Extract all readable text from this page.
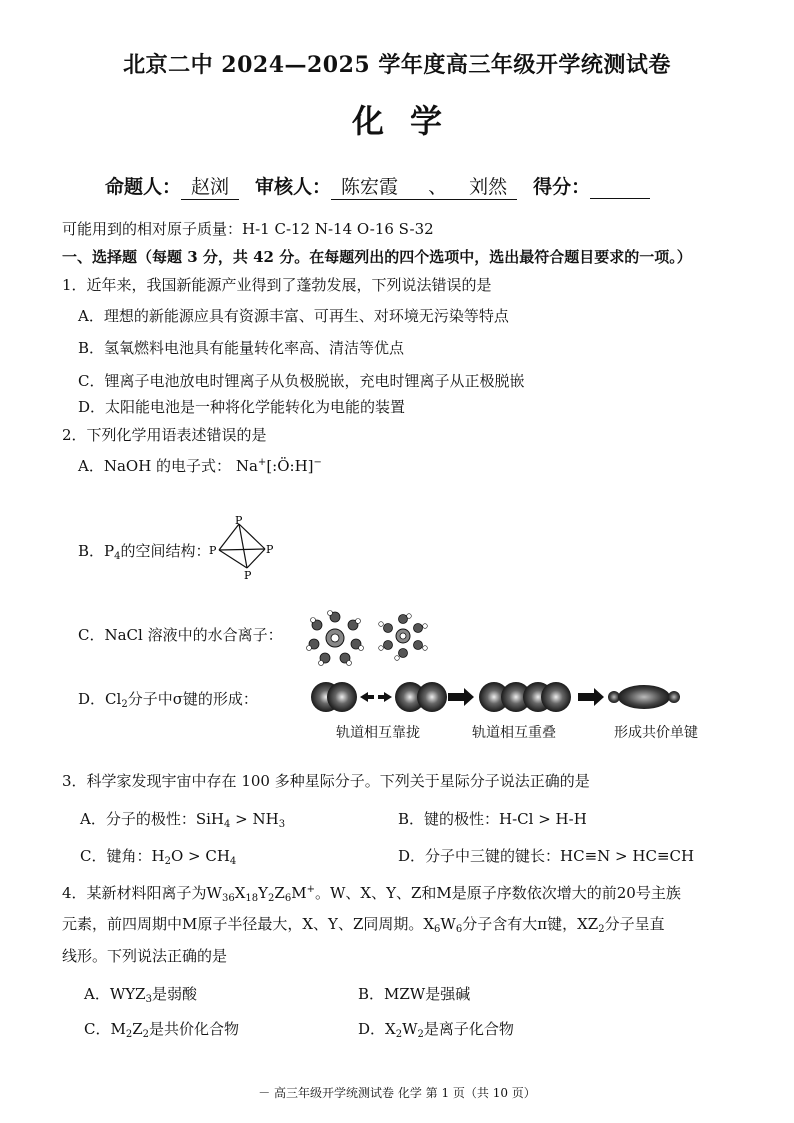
北京二中 2024—2025 学年度高三年级开学统测试卷
化学
命题人： 赵浏 审核人： 陈宏霞 、 刘然 得分：
可能用到的相对原子质量：H-1 C-12 N-14 O-16 S-32
一、选择题（每题 3 分，共 42 分。在每题列出的四个选项中，选出最符合题目要求的一项。）
1．近年来，我国新能源产业得到了蓬勃发展，下列说法错误的是
A．理想的新能源应具有资源丰富、可再生、对环境无污染等特点
B．氢氧燃料电池具有能量转化率高、清洁等优点
C．锂离子电池放电时锂离子从负极脱嵌，充电时锂离子从正极脱嵌
D．太阳能电池是一种将化学能转化为电能的装置
2．下列化学用语表述错误的是
A．NaOH 的电子式： Na+[:Ö:H]−
B．$P_4$的空间结构：
P
P	P
P
C．NaCl 溶液中的水合离子：
D．$Cl_2$分子中σ键的形成：
轨道相互靠拢	轨道相互重叠	形成共价单键
3．科学家发现宇宙中存在 100 多种星际分子。下列关于星际分子说法正确的是
A．分子的极性：$SiH_4 > NH_3$	B．键的极性：H-Cl > H-H
C．键角：$H_2O > CH_4$	D．分子中三键的键长：HC≡N > HC≡CH
4．某新材料阳离子为$W_{36}X_{18}Y_2Z_6M^+$。W、X、Y、Z和M是原子序数依次增大的前20号主族
元素，前四周期中M原子半径最大，X、Y、Z同周期。$X_6W_6$分子含有大π键，$XZ_2$分子呈直
线形。下列说法正确的是
A．$WYZ_3$是弱酸	B．MZW是强碱
C．$M_2Z_2$是共价化合物	D．$X_2W_2$是离子化合物
－ 高三年级开学统测试卷 化学 第 1 页（共 10 页）
